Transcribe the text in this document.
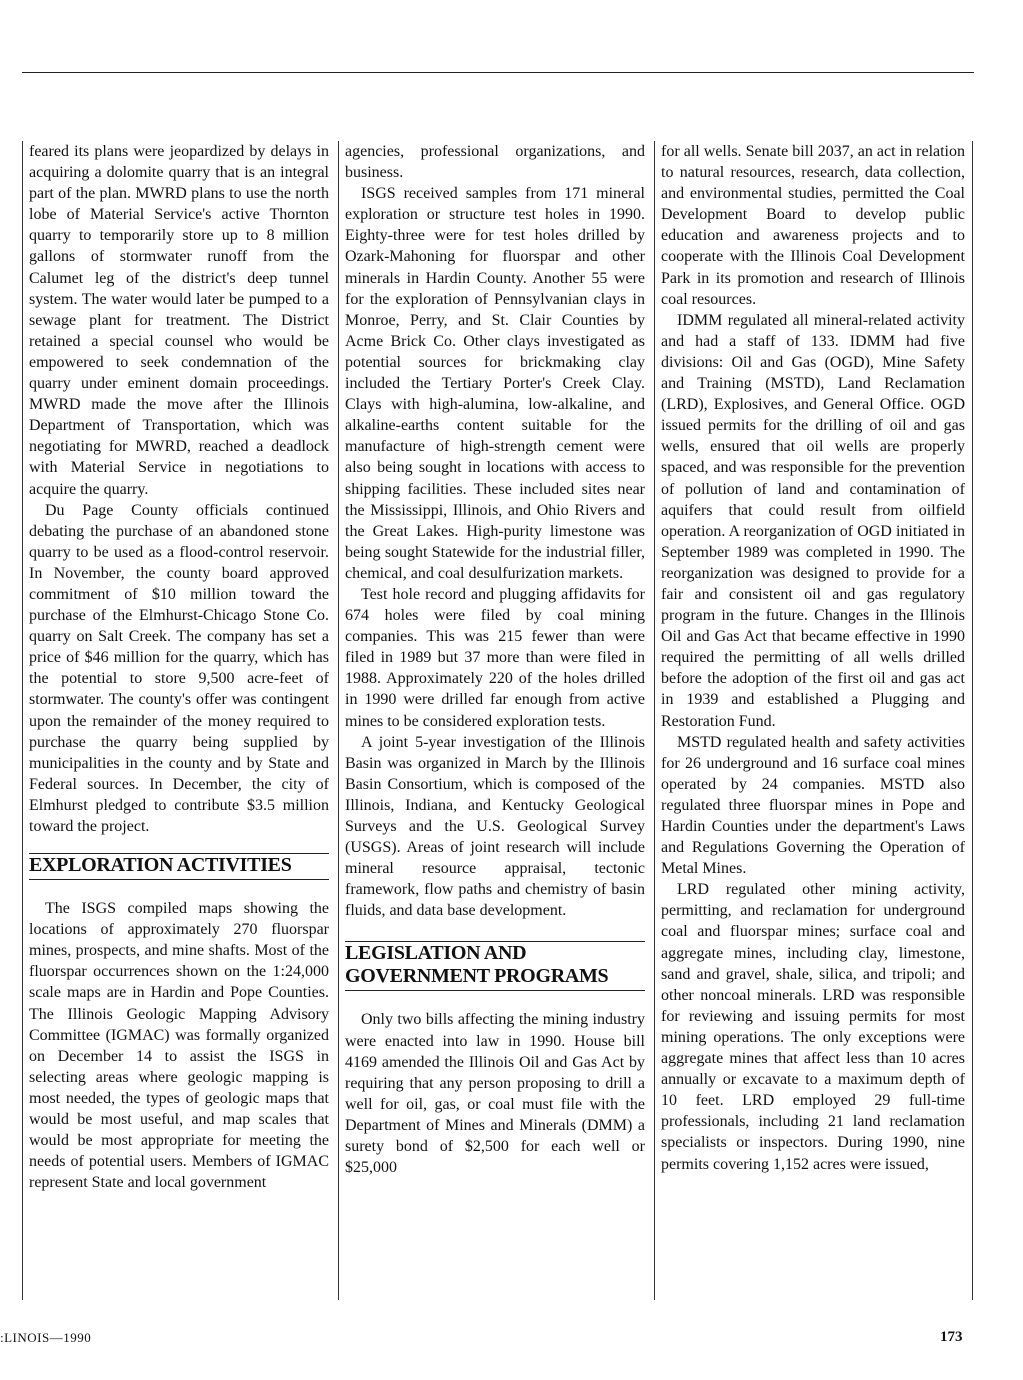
feared its plans were jeopardized by delays in acquiring a dolomite quarry that is an integral part of the plan. MWRD plans to use the north lobe of Material Service's active Thornton quarry to temporarily store up to 8 million gallons of stormwater runoff from the Calumet leg of the district's deep tunnel system. The water would later be pumped to a sewage plant for treatment. The District retained a special counsel who would be empowered to seek condemnation of the quarry under eminent domain proceedings. MWRD made the move after the Illinois Department of Transportation, which was negotiating for MWRD, reached a deadlock with Material Service in negotiations to acquire the quarry.

Du Page County officials continued debating the purchase of an abandoned stone quarry to be used as a flood-control reservoir. In November, the county board approved commitment of $10 million toward the purchase of the Elmhurst-Chicago Stone Co. quarry on Salt Creek. The company has set a price of $46 million for the quarry, which has the potential to store 9,500 acre-feet of stormwater. The county's offer was contingent upon the remainder of the money required to purchase the quarry being supplied by municipalities in the county and by State and Federal sources. In December, the city of Elmhurst pledged to contribute $3.5 million toward the project.

EXPLORATION ACTIVITIES

The ISGS compiled maps showing the locations of approximately 270 fluorspar mines, prospects, and mine shafts. Most of the fluorspar occurrences shown on the 1:24,000 scale maps are in Hardin and Pope Counties. The Illinois Geologic Mapping Advisory Committee (IGMAC) was formally organized on December 14 to assist the ISGS in selecting areas where geologic mapping is most needed, the types of geologic maps that would be most useful, and map scales that would be most appropriate for meeting the needs of potential users. Members of IGMAC represent State and local government

agencies, professional organizations, and business.

ISGS received samples from 171 mineral exploration or structure test holes in 1990. Eighty-three were for test holes drilled by Ozark-Mahoning for fluorspar and other minerals in Hardin County. Another 55 were for the exploration of Pennsylvanian clays in Monroe, Perry, and St. Clair Counties by Acme Brick Co. Other clays investigated as potential sources for brickmaking clay included the Tertiary Porter's Creek Clay. Clays with high-alumina, low-alkaline, and alkaline-earths content suitable for the manufacture of high-strength cement were also being sought in locations with access to shipping facilities. These included sites near the Mississippi, Illinois, and Ohio Rivers and the Great Lakes. High-purity limestone was being sought Statewide for the industrial filler, chemical, and coal desulfurization markets.

Test hole record and plugging affidavits for 674 holes were filed by coal mining companies. This was 215 fewer than were filed in 1989 but 37 more than were filed in 1988. Approximately 220 of the holes drilled in 1990 were drilled far enough from active mines to be considered exploration tests.

A joint 5-year investigation of the Illinois Basin was organized in March by the Illinois Basin Consortium, which is composed of the Illinois, Indiana, and Kentucky Geological Surveys and the U.S. Geological Survey (USGS). Areas of joint research will include mineral resource appraisal, tectonic framework, flow paths and chemistry of basin fluids, and data base development.

LEGISLATION AND
GOVERNMENT PROGRAMS

Only two bills affecting the mining industry were enacted into law in 1990. House bill 4169 amended the Illinois Oil and Gas Act by requiring that any person proposing to drill a well for oil, gas, or coal must file with the Department of Mines and Minerals (DMM) a surety bond of $2,500 for each well or $25,000

for all wells. Senate bill 2037, an act in relation to natural resources, research, data collection, and environmental studies, permitted the Coal Development Board to develop public education and awareness projects and to cooperate with the Illinois Coal Development Park in its promotion and research of Illinois coal resources.

IDMM regulated all mineral-related activity and had a staff of 133. IDMM had five divisions: Oil and Gas (OGD), Mine Safety and Training (MSTD), Land Reclamation (LRD), Explosives, and General Office. OGD issued permits for the drilling of oil and gas wells, ensured that oil wells are properly spaced, and was responsible for the prevention of pollution of land and contamination of aquifers that could result from oilfield operation. A reorganization of OGD initiated in September 1989 was completed in 1990. The reorganization was designed to provide for a fair and consistent oil and gas regulatory program in the future. Changes in the Illinois Oil and Gas Act that became effective in 1990 required the permitting of all wells drilled before the adoption of the first oil and gas act in 1939 and established a Plugging and Restoration Fund.

MSTD regulated health and safety activities for 26 underground and 16 surface coal mines operated by 24 companies. MSTD also regulated three fluorspar mines in Pope and Hardin Counties under the department's Laws and Regulations Governing the Operation of Metal Mines.

LRD regulated other mining activity, permitting, and reclamation for underground coal and fluorspar mines; surface coal and aggregate mines, including clay, limestone, sand and gravel, shale, silica, and tripoli; and other noncoal minerals. LRD was responsible for reviewing and issuing permits for most mining operations. The only exceptions were aggregate mines that affect less than 10 acres annually or excavate to a maximum depth of 10 feet. LRD employed 29 full-time professionals, including 21 land reclamation specialists or inspectors. During 1990, nine permits covering 1,152 acres were issued,

:LINOIS—1990	173
